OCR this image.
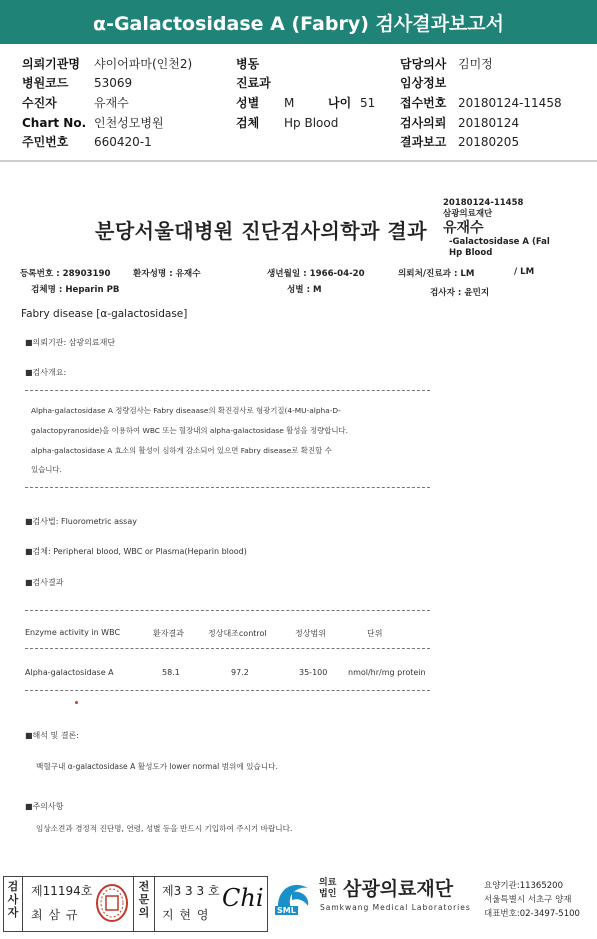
α-Galactosidase A (Fabry) 검사결과보고서
의뢰기관명 샤이어파마(인천2)
병원코드 53069
수진자	유재수
Chart No. 인천성모병원
주민번호 660420-1
병동
진료과
성별 M	나이 51
검체 Hp Blood
담당의사 김미정
임상정보
접수번호 20180124-11458
검사의뢰 20180124
결과보고 20180205
20180124-11458
삼광의료재단
유재수
-Galactosidase A (Fal
Hp Blood
분당서울대병원 진단검사의학과 결과
등록번호 : 28903190	환자성명 : 유재수	생년월일 : 1966-04-20	의뢰처/진료과 : LM	/ LM
검체명 : Heparin PB	성별 : M	검사자 : 윤민지
Fabry disease [α-galactosidase]
■의뢰기관: 삼광의료재단
■검사개요:
Alpha-galactosidase A 정량검사는 Fabry diseaase의 확진검사로 형광기질(4-MU-alpha-D-
galactopyranoside)을 이용하여 WBC 또는 혈장내의 alpha-galactosidase 활성을 정량합니다.
alpha-galactosidase A 효소의 활성이 심하게 감소되어 있으면 Fabry disease로 확진할 수
있습니다.
■검사법: Fluorometric assay
■검체: Peripheral blood, WBC or Plasma(Heparin blood)
■검사결과
Enzyme activity in WBC	환자결과	정상대조control	정상범위	단위
Alpha-galactosidase A	58.1	97.2	35-100	nmol/hr/mg protein
■해석 및 결론:
백혈구내 α-galactosidase A 활성도가 lower normal 범위에 있습니다.
■주의사항
임상소견과 경정적 진단명, 연령, 성별 등을 반드시 기입하여 주시기 바랍니다.
검사자
제11194호
최 삼 규
전문의
제3 3 3 호
지 현 영
Chi SML
의료
법인 삼광의료재단
Samkwang Medical Laboratories
요양기관:11365200
서울특별시 서초구 양재
대표번호:02-3497-5100
